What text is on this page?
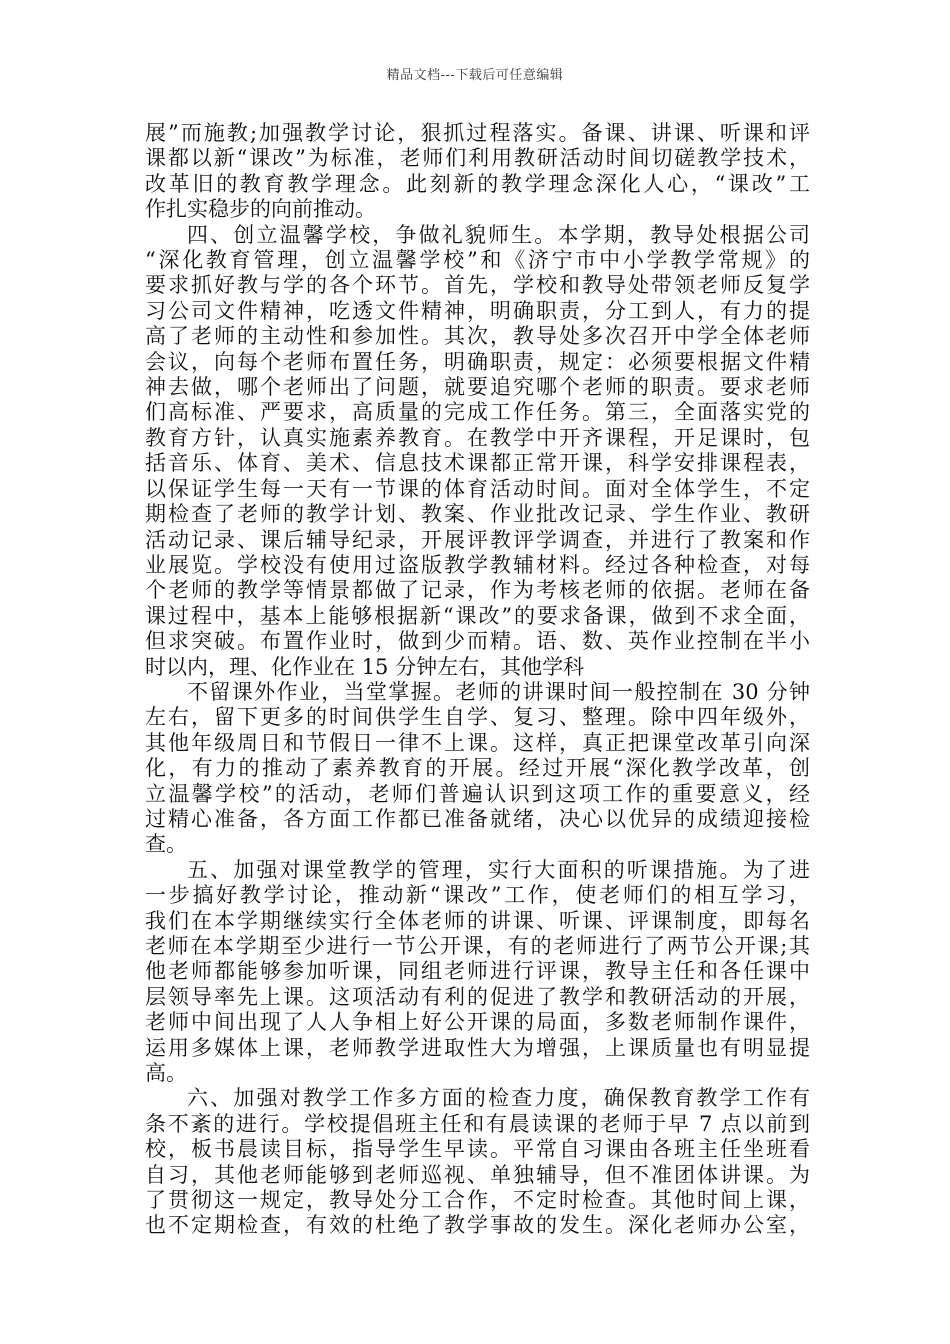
精品文档---下载后可任意编辑
展”而施教;加强教学讨论，狠抓过程落实。备课、讲课、听课和评
课都以新“课改”为标准，老师们利用教研活动时间切磋教学技术，
改革旧的教育教学理念。此刻新的教学理念深化人心，“课改”工
作扎实稳步的向前推动。
四、创立温馨学校，争做礼貌师生。本学期，教导处根据公司
“深化教育管理，创立温馨学校”和《济宁市中小学教学常规》的
要求抓好教与学的各个环节。首先，学校和教导处带领老师反复学
习公司文件精神，吃透文件精神，明确职责，分工到人，有力的提
高了老师的主动性和参加性。其次，教导处多次召开中学全体老师
会议，向每个老师布置任务，明确职责，规定：必须要根据文件精
神去做，哪个老师出了问题，就要追究哪个老师的职责。要求老师
们高标准、严要求，高质量的完成工作任务。第三，全面落实党的
教育方针，认真实施素养教育。在教学中开齐课程，开足课时，包
括音乐、体育、美术、信息技术课都正常开课，科学安排课程表，
以保证学生每一天有一节课的体育活动时间。面对全体学生，不定
期检查了老师的教学计划、教案、作业批改记录、学生作业、教研
活动记录、课后辅导纪录，开展评教评学调查，并进行了教案和作
业展览。学校没有使用过盗版教学教辅材料。经过各种检查，对每
个老师的教学等情景都做了记录，作为考核老师的依据。老师在备
课过程中，基本上能够根据新“课改”的要求备课，做到不求全面，
但求突破。布置作业时，做到少而精。语、数、英作业控制在半小
时以内，理、化作业在 15 分钟左右，其他学科
不留课外作业，当堂掌握。老师的讲课时间一般控制在 30 分钟
左右，留下更多的时间供学生自学、复习、整理。除中四年级外，
其他年级周日和节假日一律不上课。这样，真正把课堂改革引向深
化，有力的推动了素养教育的开展。经过开展“深化教学改革，创
立温馨学校”的活动，老师们普遍认识到这项工作的重要意义，经
过精心准备，各方面工作都已准备就绪，决心以优异的成绩迎接检
查。
五、加强对课堂教学的管理，实行大面积的听课措施。为了进
一步搞好教学讨论，推动新“课改”工作，使老师们的相互学习，
我们在本学期继续实行全体老师的讲课、听课、评课制度，即每名
老师在本学期至少进行一节公开课，有的老师进行了两节公开课;其
他老师都能够参加听课，同组老师进行评课，教导主任和各任课中
层领导率先上课。这项活动有利的促进了教学和教研活动的开展，
老师中间出现了人人争相上好公开课的局面，多数老师制作课件，
运用多媒体上课，老师教学进取性大为增强，上课质量也有明显提
高。
六、加强对教学工作多方面的检查力度，确保教育教学工作有
条不紊的进行。学校提倡班主任和有晨读课的老师于早 7 点以前到
校，板书晨读目标，指导学生早读。平常自习课由各班主任坐班看
自习，其他老师能够到老师巡视、单独辅导，但不准团体讲课。为
了贯彻这一规定，教导处分工合作，不定时检查。其他时间上课，
也不定期检查，有效的杜绝了教学事故的发生。深化老师办公室，
